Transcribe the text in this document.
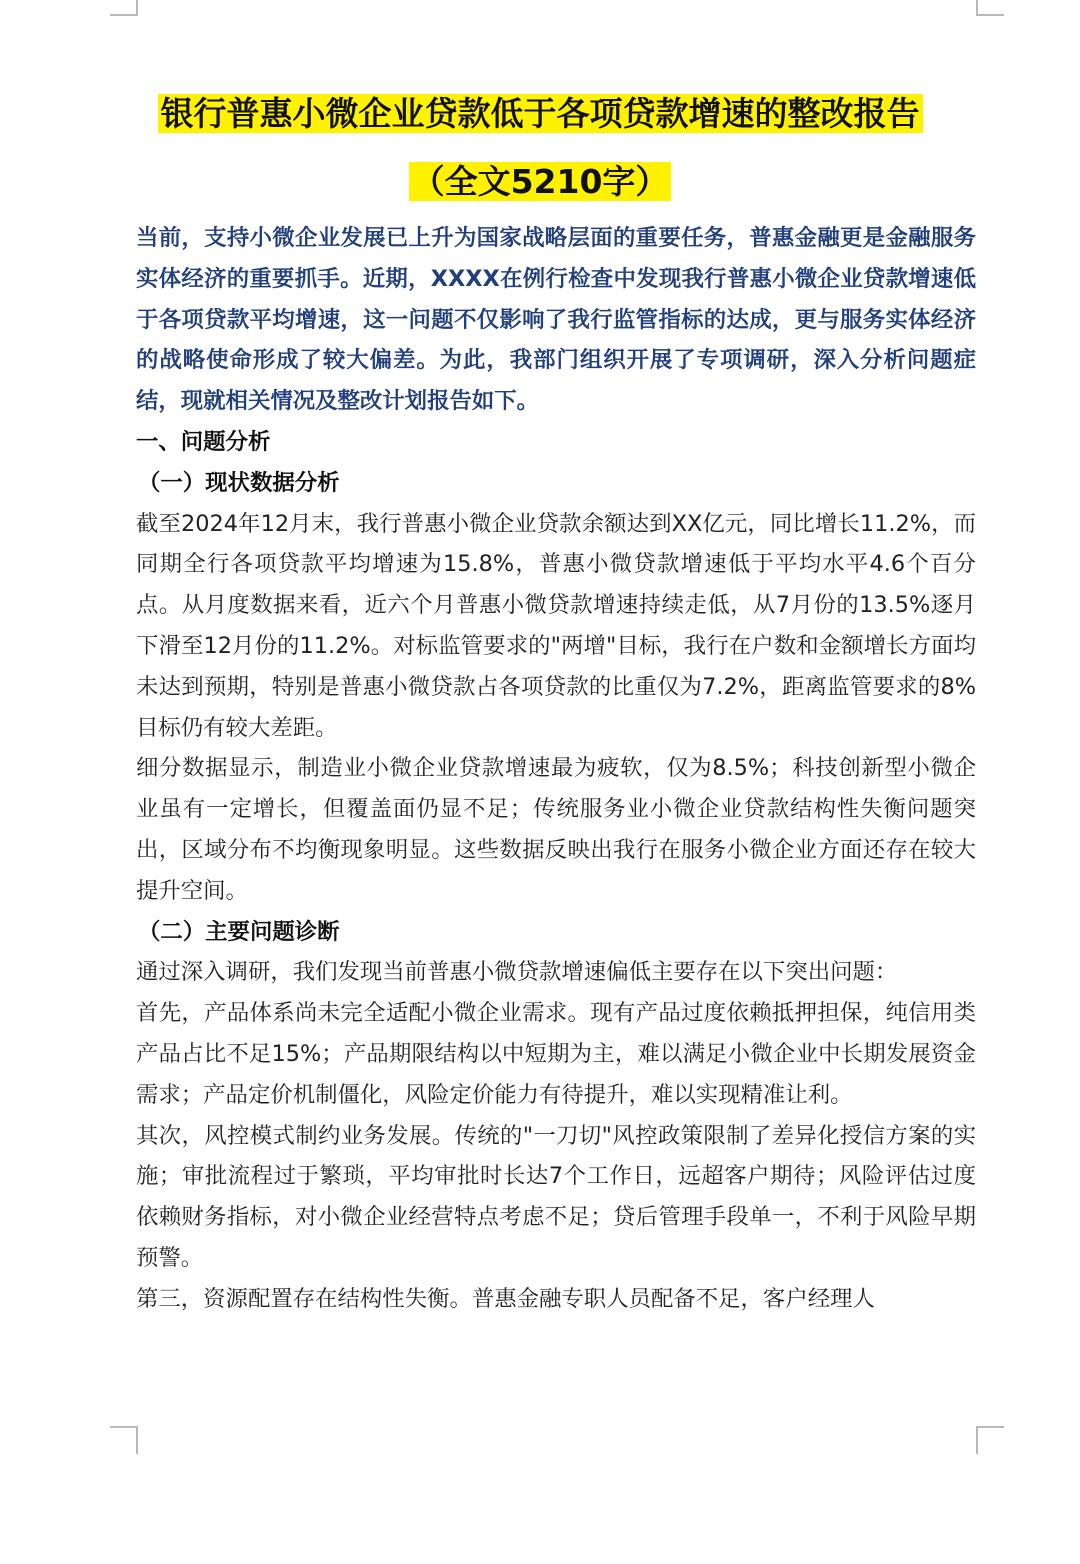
银行普惠小微企业贷款低于各项贷款增速的整改报告
（全文5210字）

当前，支持小微企业发展已上升为国家战略层面的重要任务，普惠金融更是金融服务实体经济的重要抓手。近期，XXXX在例行检查中发现我行普惠小微企业贷款增速低于各项贷款平均增速，这一问题不仅影响了我行监管指标的达成，更与服务实体经济的战略使命形成了较大偏差。为此，我部门组织开展了专项调研，深入分析问题症结，现就相关情况及整改计划报告如下。

一、问题分析

（一）现状数据分析

截至2024年12月末，我行普惠小微企业贷款余额达到XX亿元，同比增长11.2%，而同期全行各项贷款平均增速为15.8%，普惠小微贷款增速低于平均水平4.6个百分点。从月度数据来看，近六个月普惠小微贷款增速持续走低，从7月份的13.5%逐月下滑至12月份的11.2%。对标监管要求的"两增"目标，我行在户数和金额增长方面均未达到预期，特别是普惠小微贷款占各项贷款的比重仅为7.2%，距离监管要求的8%目标仍有较大差距。

细分数据显示，制造业小微企业贷款增速最为疲软，仅为8.5%；科技创新型小微企业虽有一定增长，但覆盖面仍显不足；传统服务业小微企业贷款结构性失衡问题突出，区域分布不均衡现象明显。这些数据反映出我行在服务小微企业方面还存在较大提升空间。

（二）主要问题诊断

通过深入调研，我们发现当前普惠小微贷款增速偏低主要存在以下突出问题：

首先，产品体系尚未完全适配小微企业需求。现有产品过度依赖抵押担保，纯信用类产品占比不足15%；产品期限结构以中短期为主，难以满足小微企业中长期发展资金需求；产品定价机制僵化，风险定价能力有待提升，难以实现精准让利。

其次，风控模式制约业务发展。传统的"一刀切"风控政策限制了差异化授信方案的实施；审批流程过于繁琐，平均审批时长达7个工作日，远超客户期待；风险评估过度依赖财务指标，对小微企业经营特点考虑不足；贷后管理手段单一，不利于风险早期预警。

第三，资源配置存在结构性失衡。普惠金融专职人员配备不足，客户经理人
